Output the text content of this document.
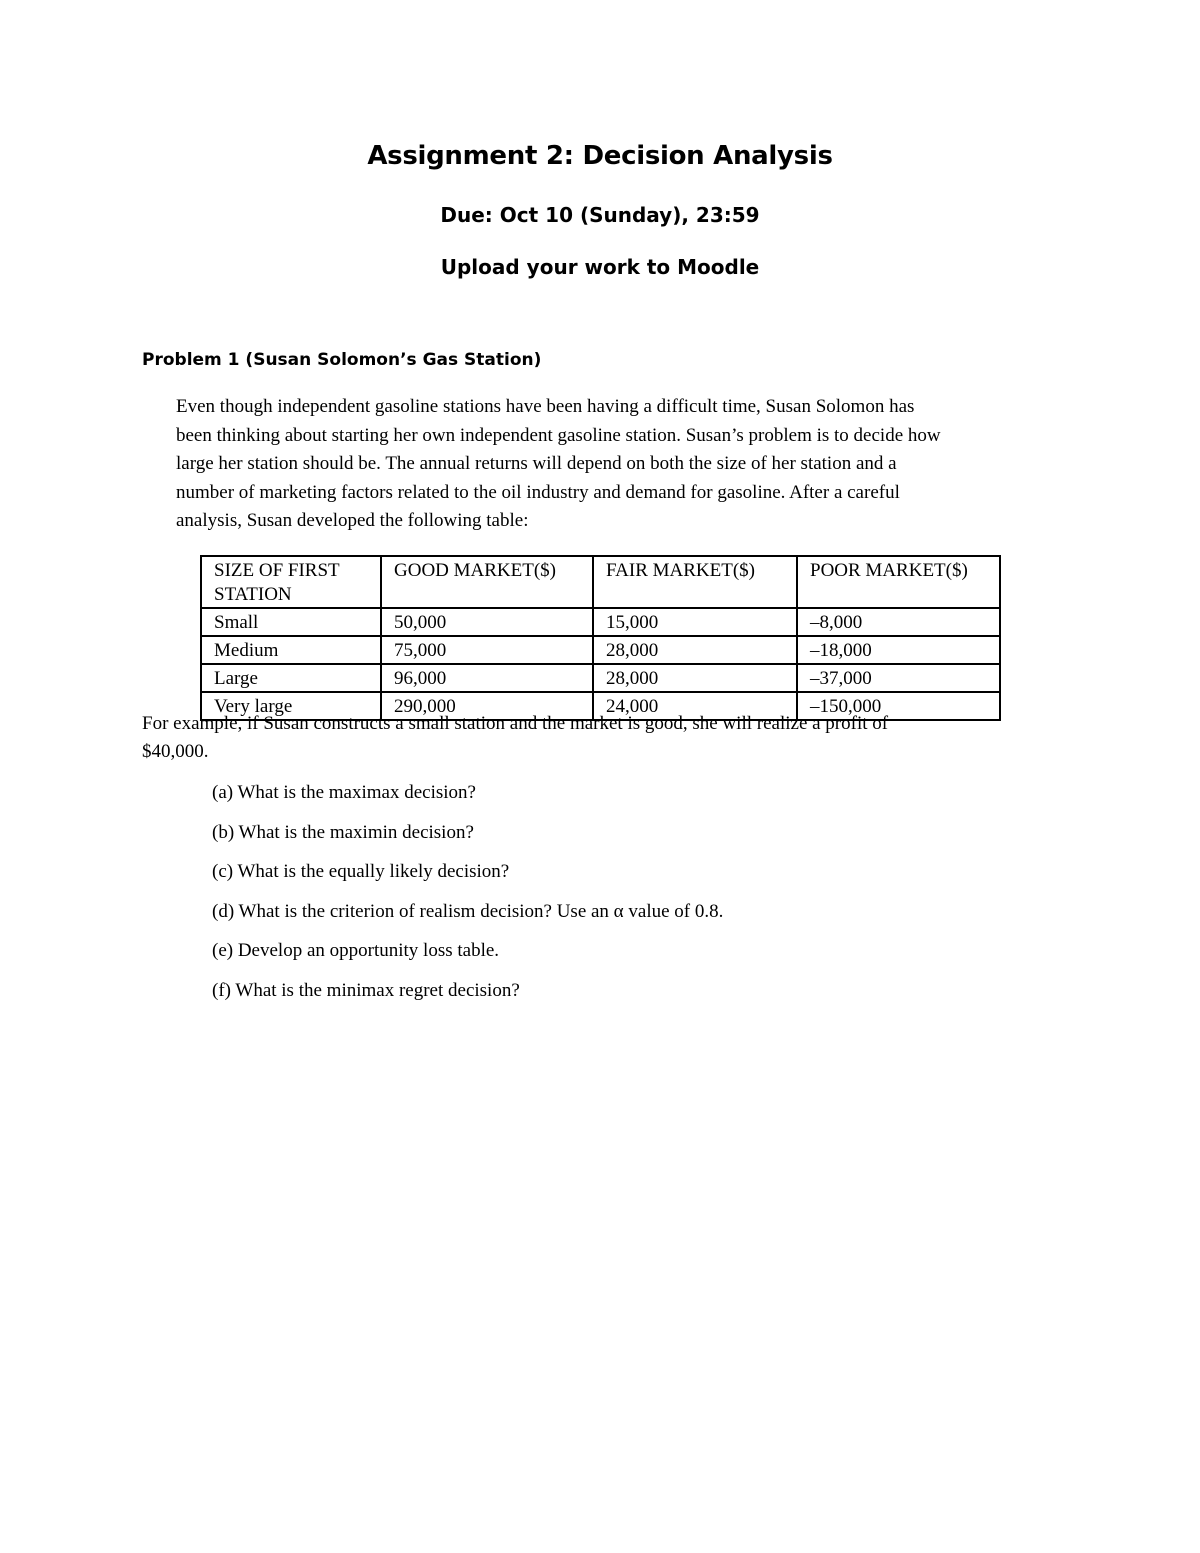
Assignment 2: Decision Analysis
Due: Oct 10 (Sunday), 23:59
Upload your work to Moodle
Problem 1 (Susan Solomon’s Gas Station)

Even though independent gasoline stations have been having a difficult time, Susan Solomon has
been thinking about starting her own independent gasoline station. Susan’s problem is to decide how
large her station should be. The annual returns will depend on both the size of her station and a
number of marketing factors related to the oil industry and demand for gasoline. After a careful
analysis, Susan developed the following table:

SIZE OF FIRST
STATION	GOOD MARKET($)	FAIR MARKET($)	POOR MARKET($)
Small	50,000	15,000	–8,000
Medium	75,000	28,000	–18,000
Large	96,000	28,000	–37,000
Very large	290,000	24,000	–150,000

For example, if Susan constructs a small station and the market is good, she will realize a profit of
$40,000.

(a) What is the maximax decision?
(b) What is the maximin decision?
(c) What is the equally likely decision?
(d) What is the criterion of realism decision? Use an α value of 0.8.
(e) Develop an opportunity loss table.
(f) What is the minimax regret decision?
